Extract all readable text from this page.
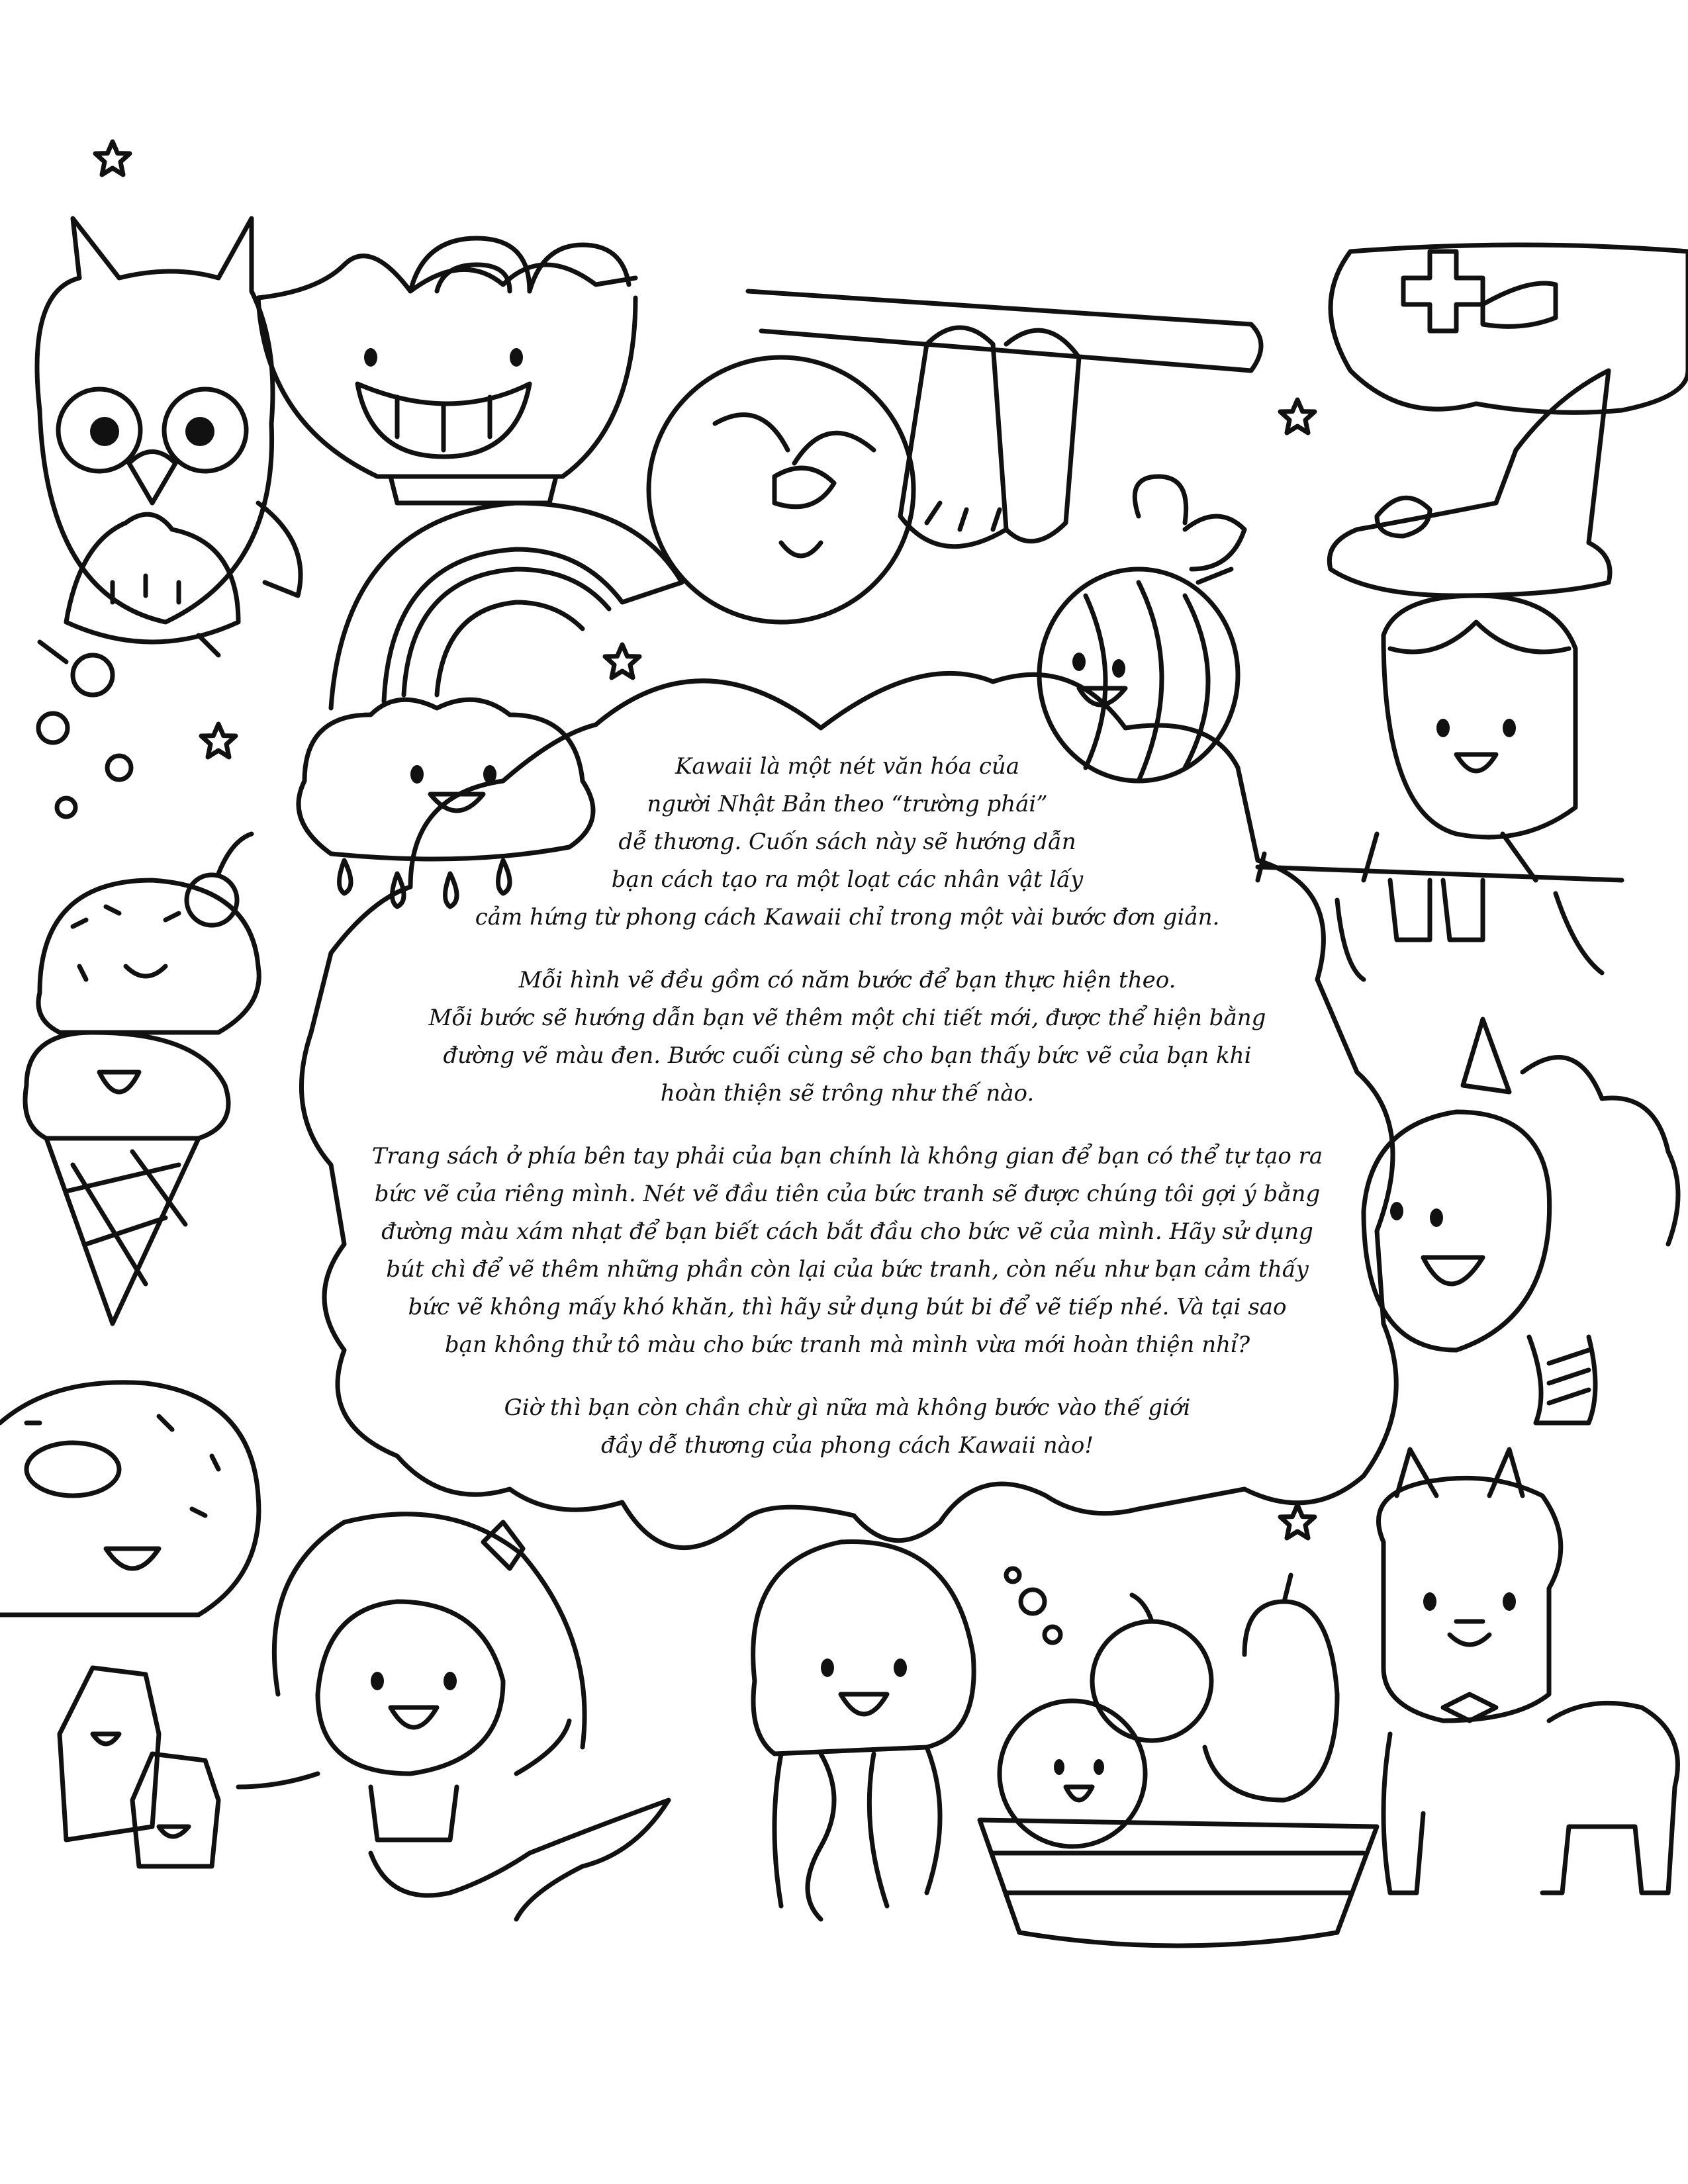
Kawaii là một nét văn hóa của
người Nhật Bản theo “trường phái”
dễ thương. Cuốn sách này sẽ hướng dẫn
bạn cách tạo ra một loạt các nhân vật lấy
cảm hứng từ phong cách Kawaii chỉ trong một vài bước đơn giản.

Mỗi hình vẽ đều gồm có năm bước để bạn thực hiện theo.
Mỗi bước sẽ hướng dẫn bạn vẽ thêm một chi tiết mới, được thể hiện bằng
đường vẽ màu đen. Bước cuối cùng sẽ cho bạn thấy bức vẽ của bạn khi
hoàn thiện sẽ trông như thế nào.

Trang sách ở phía bên tay phải của bạn chính là không gian để bạn có thể tự tạo ra
bức vẽ của riêng mình. Nét vẽ đầu tiên của bức tranh sẽ được chúng tôi gợi ý bằng
đường màu xám nhạt để bạn biết cách bắt đầu cho bức vẽ của mình. Hãy sử dụng
bút chì để vẽ thêm những phần còn lại của bức tranh, còn nếu như bạn cảm thấy
bức vẽ không mấy khó khăn, thì hãy sử dụng bút bi để vẽ tiếp nhé. Và tại sao
bạn không thử tô màu cho bức tranh mà mình vừa mới hoàn thiện nhỉ?

Giờ thì bạn còn chần chừ gì nữa mà không bước vào thế giới
đầy dễ thương của phong cách Kawaii nào!
